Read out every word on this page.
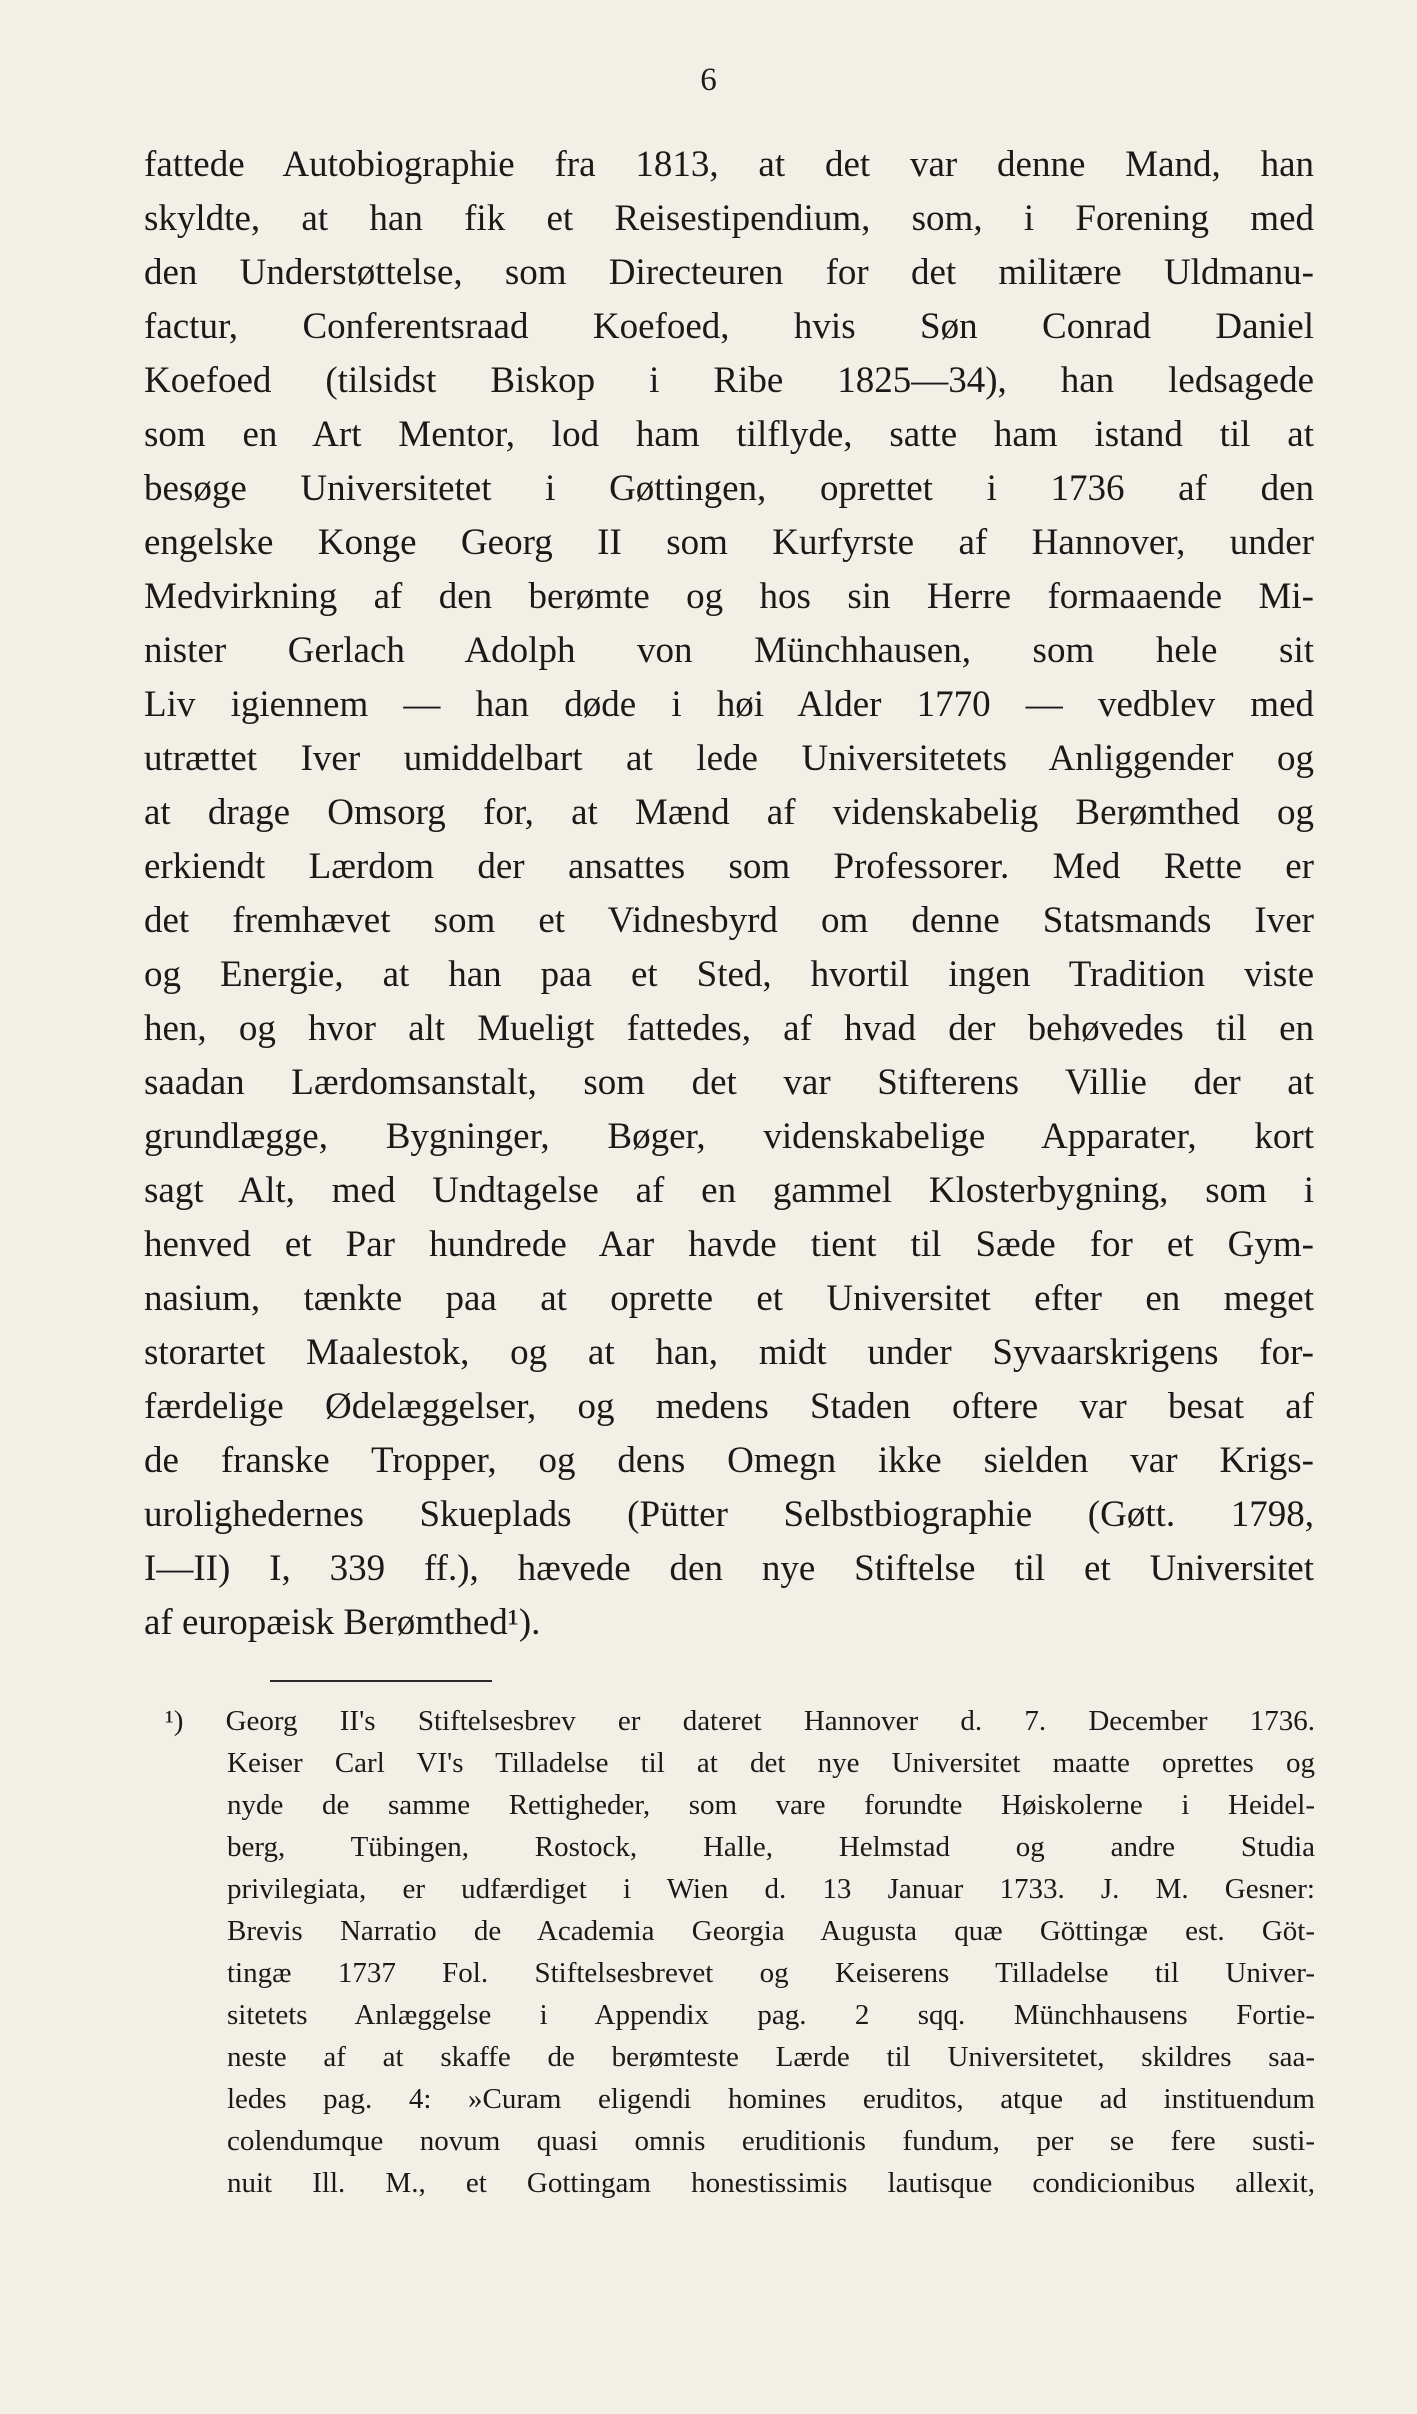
6
fattede Autobiographie fra 1813, at det var denne Mand, han
skyldte, at han fik et Reisestipendium, som, i Forening med
den Understøttelse, som Directeuren for det militære Uldmanu-
factur, Conferentsraad Koefoed, hvis Søn Conrad Daniel
Koefoed (tilsidst Biskop i Ribe 1825—34), han ledsagede
som en Art Mentor, lod ham tilflyde, satte ham istand til at
besøge Universitetet i Gøttingen, oprettet i 1736 af den
engelske Konge Georg II som Kurfyrste af Hannover, under
Medvirkning af den berømte og hos sin Herre formaaende Mi-
nister Gerlach Adolph von Münchhausen, som hele sit
Liv igiennem — han døde i høi Alder 1770 — vedblev med
utrættet Iver umiddelbart at lede Universitetets Anliggender og
at drage Omsorg for, at Mænd af videnskabelig Berømthed og
erkiendt Lærdom der ansattes som Professorer. Med Rette er
det fremhævet som et Vidnesbyrd om denne Statsmands Iver
og Energie, at han paa et Sted, hvortil ingen Tradition viste
hen, og hvor alt Mueligt fattedes, af hvad der behøvedes til en
saadan Lærdomsanstalt, som det var Stifterens Villie der at
grundlægge, Bygninger, Bøger, videnskabelige Apparater, kort
sagt Alt, med Undtagelse af en gammel Klosterbygning, som i
henved et Par hundrede Aar havde tient til Sæde for et Gym-
nasium, tænkte paa at oprette et Universitet efter en meget
storartet Maalestok, og at han, midt under Syvaarskrigens for-
færdelige Ødelæggelser, og medens Staden oftere var besat af
de franske Tropper, og dens Omegn ikke sielden var Krigs-
urolighedernes Skueplads (Pütter Selbstbiographie (Gøtt. 1798,
I—II) I, 339 ff.), hævede den nye Stiftelse til et Universitet
af europæisk Berømthed¹).
¹) Georg II's Stiftelsesbrev er dateret Hannover d. 7. December 1736.
Keiser Carl VI's Tilladelse til at det nye Universitet maatte oprettes og
nyde de samme Rettigheder, som vare forundte Høiskolerne i Heidel-
berg, Tübingen, Rostock, Halle, Helmstad og andre Studia
privilegiata, er udfærdiget i Wien d. 13 Januar 1733. J. M. Gesner:
Brevis Narratio de Academia Georgia Augusta quæ Göttingæ est. Göt-
tingæ 1737 Fol. Stiftelsesbrevet og Keiserens Tilladelse til Univer-
sitetets Anlæggelse i Appendix pag. 2 sqq. Münchhausens Fortie-
neste af at skaffe de berømteste Lærde til Universitetet, skildres saa-
ledes pag. 4: »Curam eligendi homines eruditos, atque ad instituendum
colendumque novum quasi omnis eruditionis fundum, per se fere susti-
nuit Ill. M., et Gottingam honestissimis lautisque condicionibus allexit,
